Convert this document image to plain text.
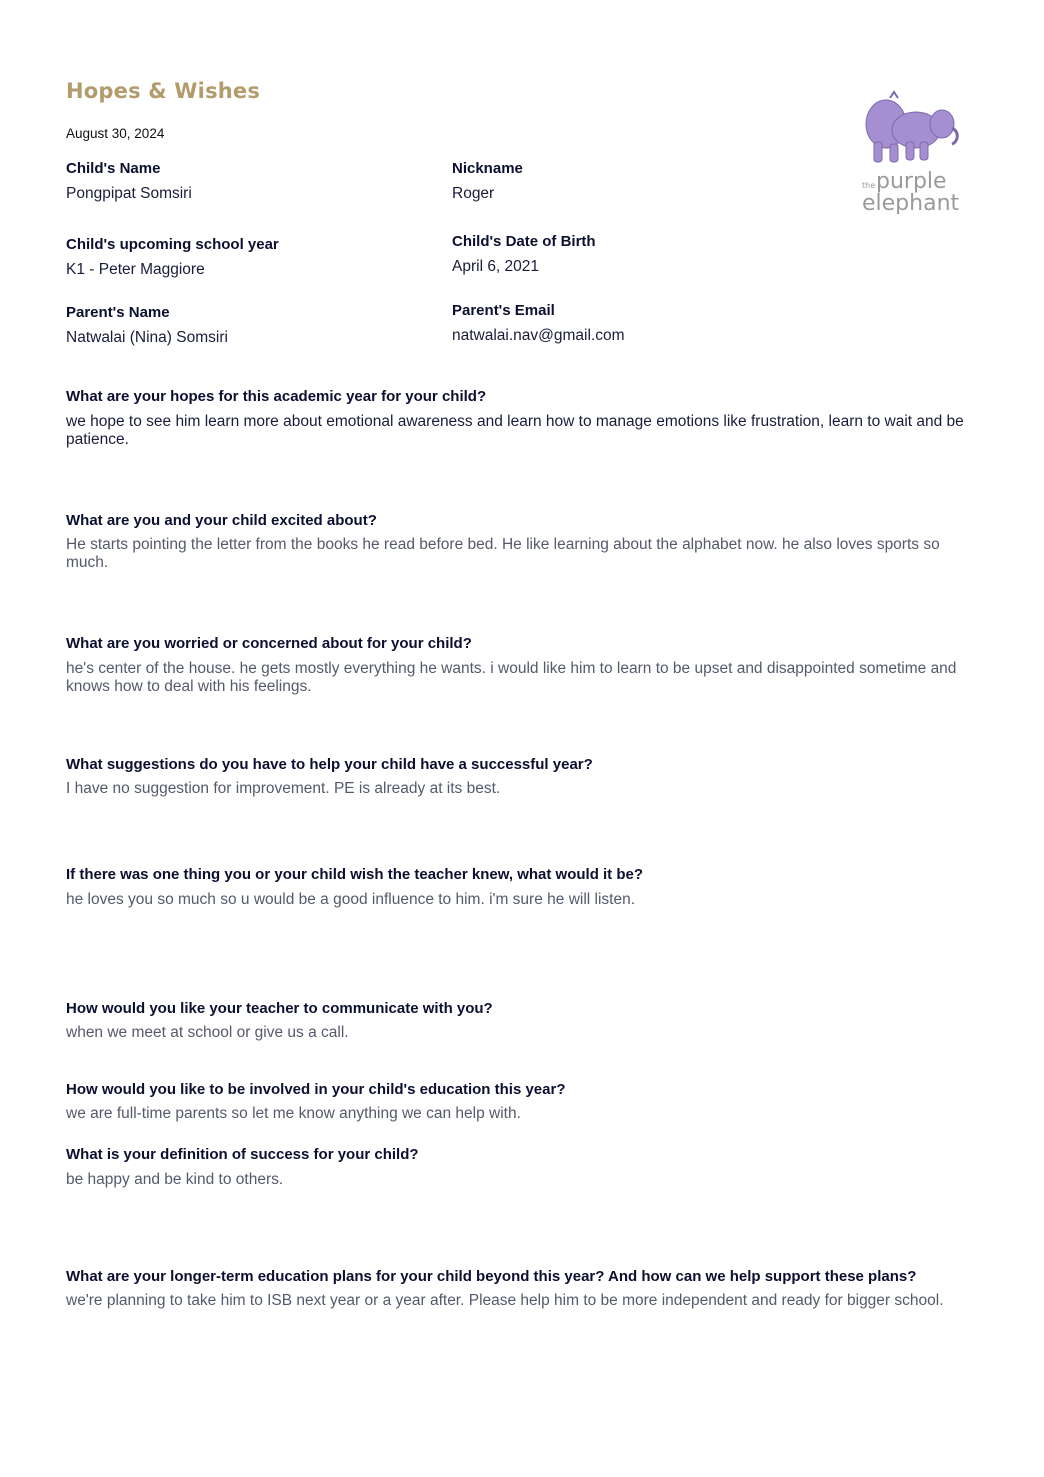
Hopes & Wishes
August 30, 2024
the purple
elephant
Child's Name
Pongpipat Somsiri
Nickname
Roger
Child's upcoming school year
K1 - Peter Maggiore
Child's Date of Birth
April 6, 2021
Parent's Name
Natwalai (Nina) Somsiri
Parent's Email
natwalai.nav@gmail.com
What are your hopes for this academic year for your child?
we hope to see him learn more about emotional awareness and learn how to manage emotions like frustration, learn to wait and be patience.
What are you and your child excited about?
He starts pointing the letter from the books he read before bed. He like learning about the alphabet now. he also loves sports so much.
What are you worried or concerned about for your child?
he's center of the house. he gets mostly everything he wants. i would like him to learn to be upset and disappointed sometime and knows how to deal with his feelings.
What suggestions do you have to help your child have a successful year?
I have no suggestion for improvement. PE is already at its best.
If there was one thing you or your child wish the teacher knew, what would it be?
he loves you so much so u would be a good influence to him. i'm sure he will listen.
How would you like your teacher to communicate with you?
when we meet at school or give us a call.
How would you like to be involved in your child's education this year?
we are full-time parents so let me know anything we can help with.
What is your definition of success for your child?
be happy and be kind to others.
What are your longer-term education plans for your child beyond this year? And how can we help support these plans?
we're planning to take him to ISB next year or a year after. Please help him to be more independent and ready for bigger school.
